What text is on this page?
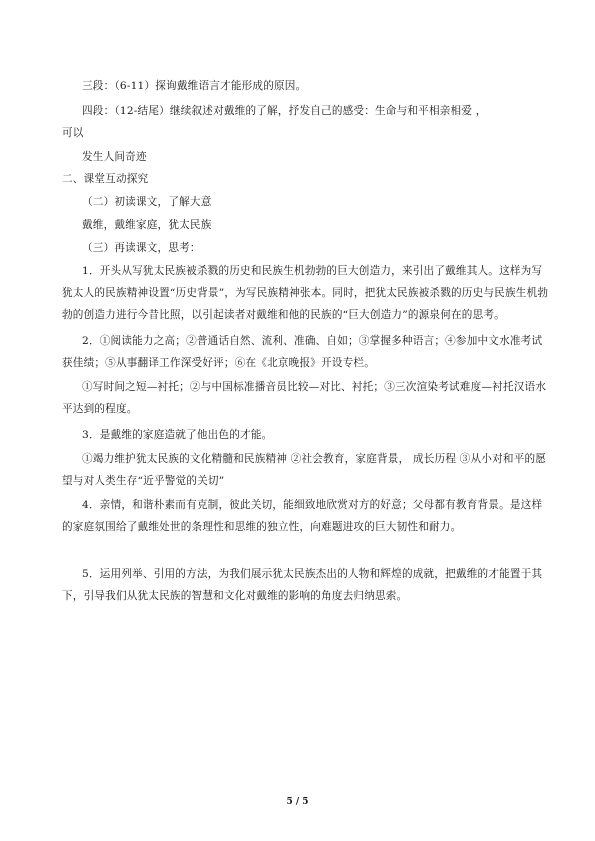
三段：（6-11）探询戴维语言才能形成的原因。

四段：（12-结尾）继续叙述对戴维的了解，抒发自己的感受：生命与和平相亲相爱 ，

可以

发生人间奇迹

二、课堂互动探究

（二）初读课文，了解大意

戴维，戴维家庭，犹太民族

（三）再读课文，思考：

1．开头从写犹太民族被杀戮的历史和民族生机勃勃的巨大创造力，来引出了戴维其人。这样为写犹太人的民族精神设置“历史背景”，为写民族精神张本。同时，把犹太民族被杀戮的历史与民族生机勃勃的创造力进行今昔比照，以引起读者对戴维和他的民族的“巨大创造力”的源泉何在的思考。

2．①阅读能力之高；②普通话自然、流利、准确、自如；③掌握多种语言；④参加中文水准考试获佳绩；⑤从事翻译工作深受好评；⑥在《北京晚报》开设专栏。

①写时间之短—衬托；②与中国标准播音员比较—对比、衬托；③三次渲染考试难度—衬托汉语水平达到的程度。

3．是戴维的家庭造就了他出色的才能。

①竭力维护犹太民族的文化精髓和民族精神 ②社会教育，家庭背景， 成长历程 ③从小对和平的愿望与对人类生存“近乎警觉的关切”

4．亲情，和谐朴素而有克制，彼此关切，能细致地欣赏对方的好意；父母都有教育背景。是这样的家庭氛围给了戴维处世的条理性和思维的独立性，向难题进攻的巨大韧性和耐力。

5．运用列举、引用的方法，为我们展示犹太民族杰出的人物和辉煌的成就，把戴维的才能置于其下，引导我们从犹太民族的智慧和文化对戴维的影响的角度去归纳思索。

5 / 5
